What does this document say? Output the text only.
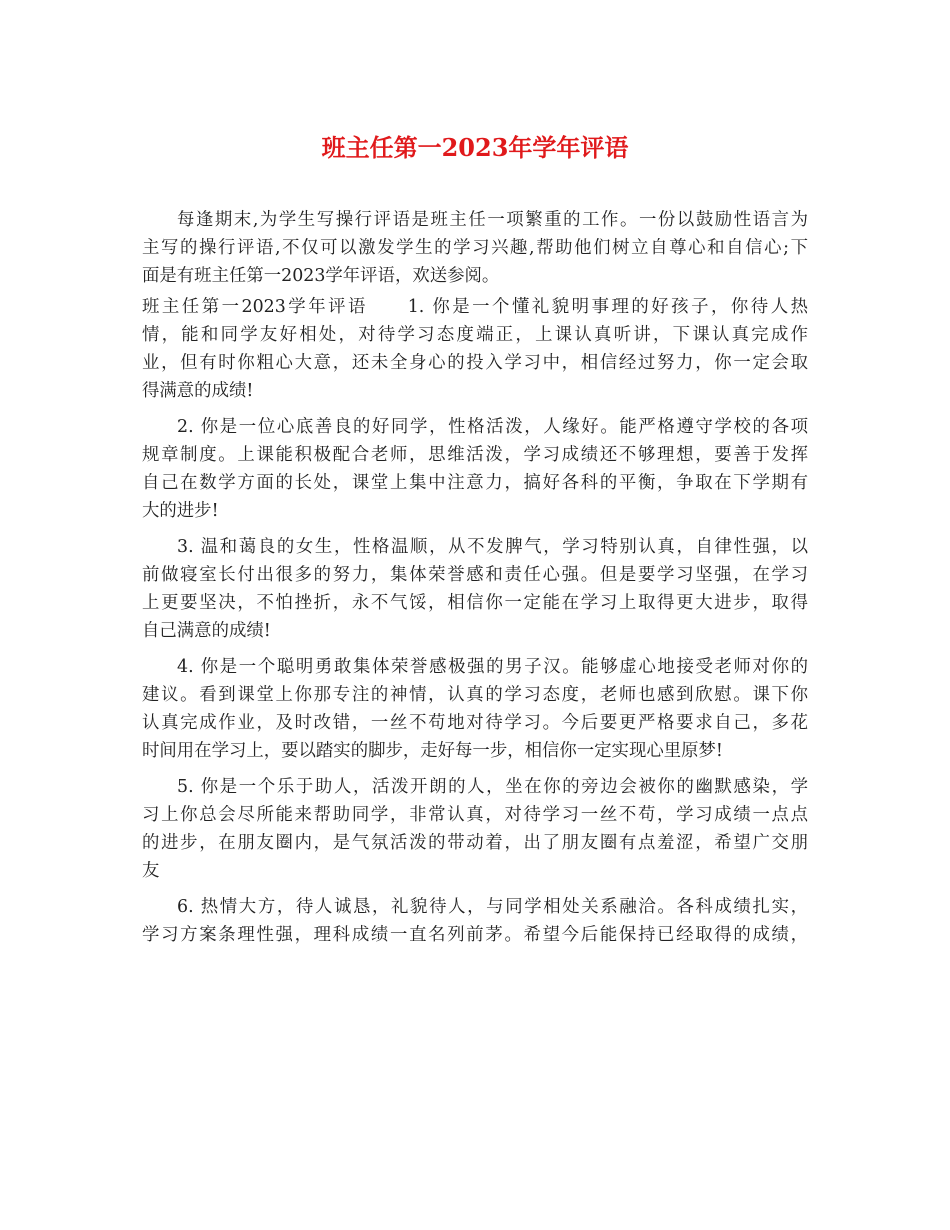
班主任第一2023年学年评语
每逢期末,为学生写操行评语是班主任一项繁重的工作。一份以鼓励性语言为
主写的操行评语,不仅可以激发学生的学习兴趣,帮助他们树立自尊心和自信心;下
面是有班主任第一2023学年评语，欢送参阅。
班主任第一2023学年评语　　1. 你是一个懂礼貌明事理的好孩子，你待人热
情，能和同学友好相处，对待学习态度端正，上课认真听讲，下课认真完成作
业，但有时你粗心大意，还未全身心的投入学习中，相信经过努力，你一定会取
得满意的成绩!
2. 你是一位心底善良的好同学，性格活泼，人缘好。能严格遵守学校的各项
规章制度。上课能积极配合老师，思维活泼，学习成绩还不够理想，要善于发挥
自己在数学方面的长处，课堂上集中注意力，搞好各科的平衡，争取在下学期有
大的进步!
3. 温和蔼良的女生，性格温顺，从不发脾气，学习特别认真，自律性强，以
前做寝室长付出很多的努力，集体荣誉感和责任心强。但是要学习坚强，在学习
上更要坚决，不怕挫折，永不气馁，相信你一定能在学习上取得更大进步，取得
自己满意的成绩!
4. 你是一个聪明勇敢集体荣誉感极强的男子汉。能够虚心地接受老师对你的
建议。看到课堂上你那专注的神情，认真的学习态度，老师也感到欣慰。课下你
认真完成作业，及时改错，一丝不苟地对待学习。今后要更严格要求自己，多花
时间用在学习上，要以踏实的脚步，走好每一步，相信你一定实现心里原梦!
5. 你是一个乐于助人，活泼开朗的人，坐在你的旁边会被你的幽默感染，学
习上你总会尽所能来帮助同学，非常认真，对待学习一丝不苟，学习成绩一点点
的进步，在朋友圈内，是气氛活泼的带动着，出了朋友圈有点羞涩，希望广交朋
友
6. 热情大方，待人诚恳，礼貌待人，与同学相处关系融洽。各科成绩扎实，
学习方案条理性强，理科成绩一直名列前茅。希望今后能保持已经取得的成绩，
